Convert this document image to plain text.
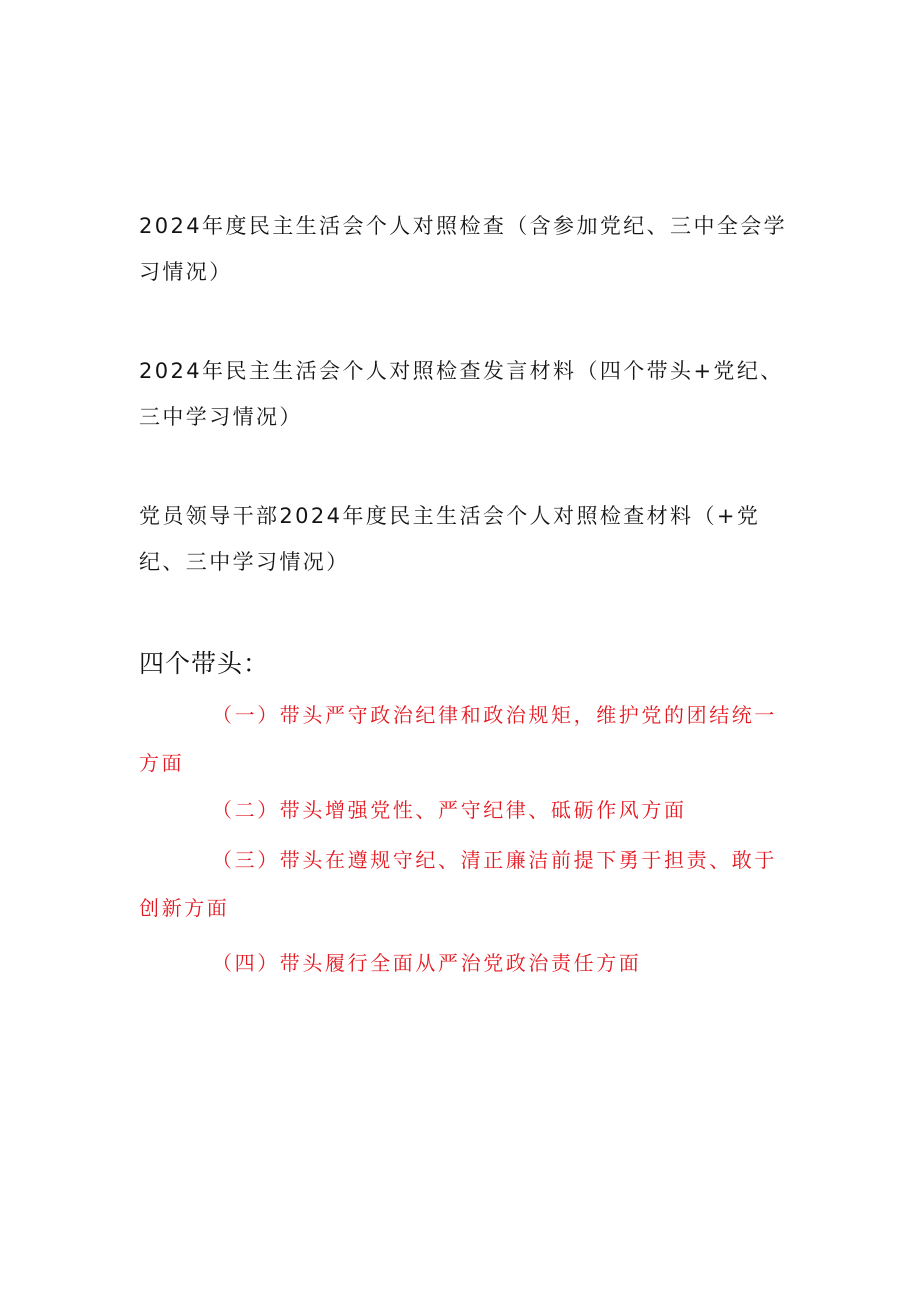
2024年度民主生活会个人对照检查（含参加党纪、三中全会学习情况）
2024年民主生活会个人对照检查发言材料（四个带头+党纪、三中学习情况）
党员领导干部2024年度民主生活会个人对照检查材料（+党纪、三中学习情况）
四个带头：
（一）带头严守政治纪律和政治规矩，维护党的团结统一方面
（二）带头增强党性、严守纪律、砥砺作风方面
（三）带头在遵规守纪、清正廉洁前提下勇于担责、敢于创新方面
（四）带头履行全面从严治党政治责任方面
